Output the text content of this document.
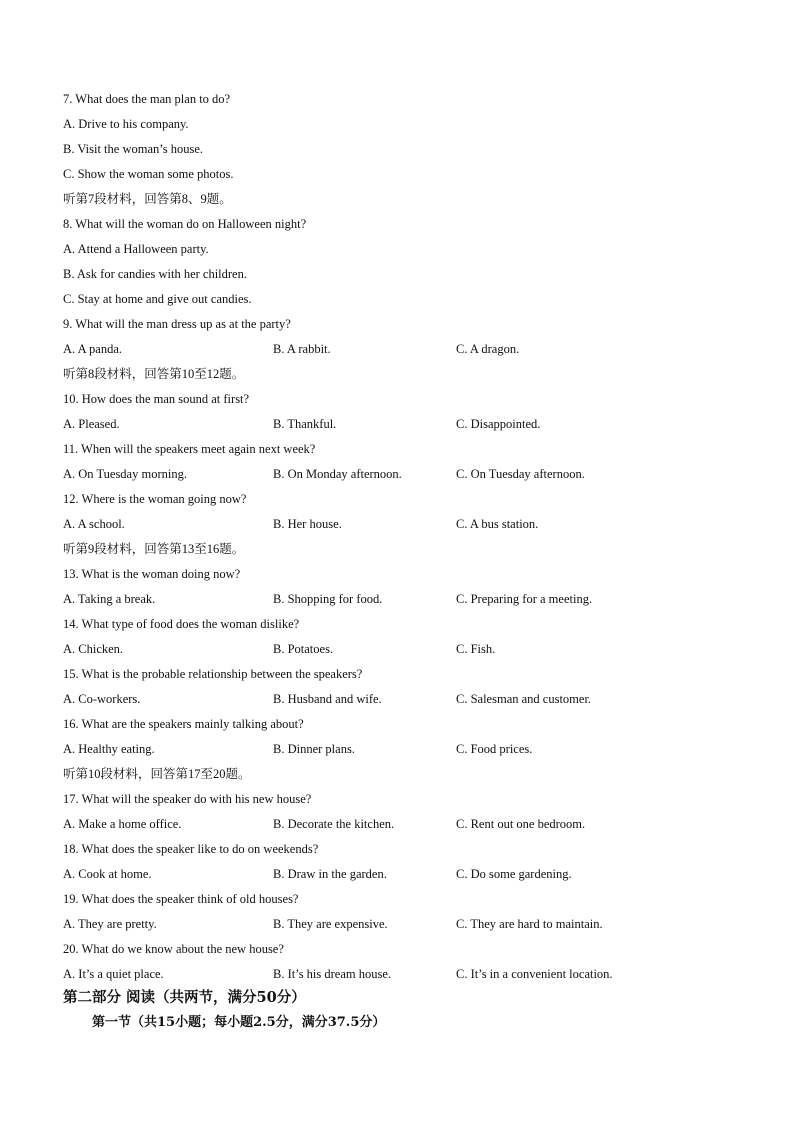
7. What does the man plan to do?
A. Drive to his company.
B. Visit the woman’s house.
C. Show the woman some photos.
听第7段材料，回答第8、9题。
8. What will the woman do on Halloween night?
A. Attend a Halloween party.
B. Ask for candies with her children.
C. Stay at home and give out candies.
9. What will the man dress up as at the party?
A. A panda.	B. A rabbit.	C. A dragon.
听第8段材料，回答第10至12题。
10. How does the man sound at first?
A. Pleased.	B. Thankful.	C. Disappointed.
11. When will the speakers meet again next week?
A. On Tuesday morning.	B. On Monday afternoon.	C. On Tuesday afternoon.
12. Where is the woman going now?
A. A school.	B. Her house.	C. A bus station.
听第9段材料，回答第13至16题。
13. What is the woman doing now?
A. Taking a break.	B. Shopping for food.	C. Preparing for a meeting.
14. What type of food does the woman dislike?
A. Chicken.	B. Potatoes.	C. Fish.
15. What is the probable relationship between the speakers?
A. Co-workers.	B. Husband and wife.	C. Salesman and customer.
16. What are the speakers mainly talking about?
A. Healthy eating.	B. Dinner plans.	C. Food prices.
听第10段材料，回答第17至20题。
17. What will the speaker do with his new house?
A. Make a home office.	B. Decorate the kitchen.	C. Rent out one bedroom.
18. What does the speaker like to do on weekends?
A. Cook at home.	B. Draw in the garden.	C. Do some gardening.
19. What does the speaker think of old houses?
A. They are pretty.	B. They are expensive.	C. They are hard to maintain.
20. What do we know about the new house?
A. It’s a quiet place.	B. It’s his dream house.	C. It’s in a convenient location.
第二部分 阅读（共两节，满分50分）
第一节（共15小题；每小题2.5分，满分37.5分）
